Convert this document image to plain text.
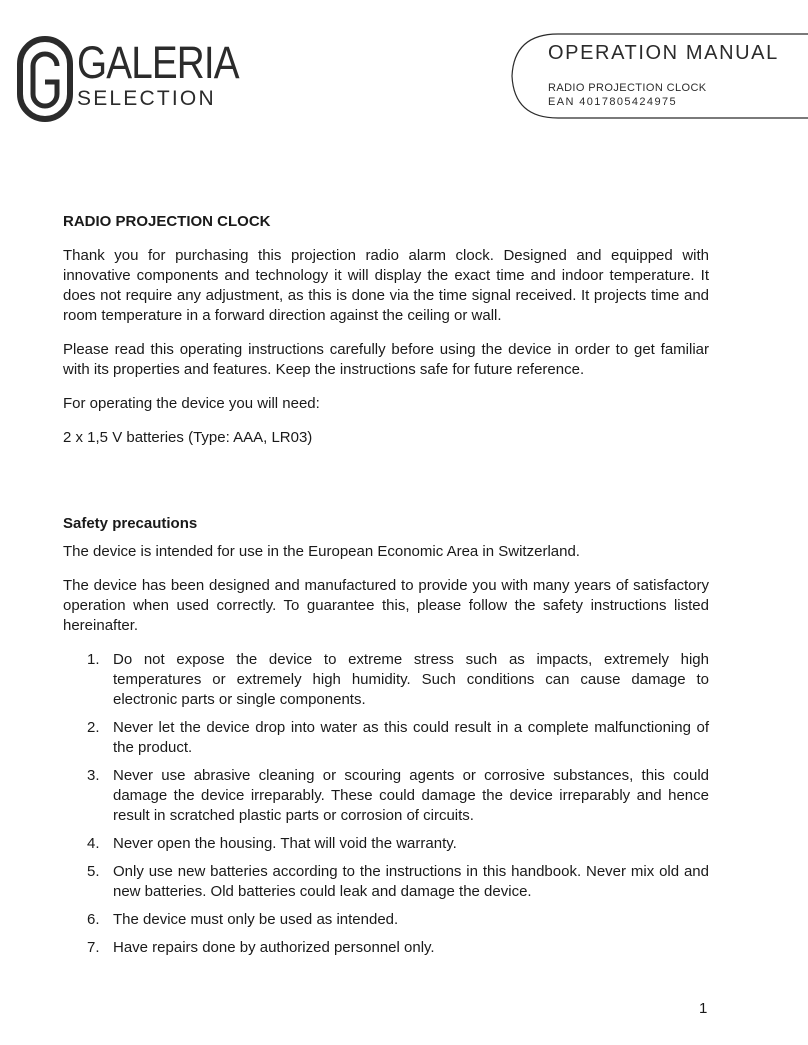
GALERIA
SELECTION
OPERATION MANUAL
RADIO PROJECTION CLOCK
EAN 4017805424975

RADIO PROJECTION CLOCK

Thank you for purchasing this projection radio alarm clock. Designed and equipped with innovative components and technology it will display the exact time and indoor temperature. It does not require any adjustment, as this is done via the time signal received. It projects time and room temperature in a forward direction against the ceiling or wall.

Please read this operating instructions carefully before using the device in order to get familiar with its properties and features. Keep the instructions safe for future reference.

For operating the device you will need:

2 x 1,5 V batteries (Type: AAA, LR03)

Safety precautions

The device is intended for use in the European Economic Area in Switzerland.

The device has been designed and manufactured to provide you with many years of satisfactory operation when used correctly. To guarantee this, please follow the safety instructions listed hereinafter.

1. Do not expose the device to extreme stress such as impacts, extremely high temperatures or extremely high humidity. Such conditions can cause damage to electronic parts or single components.
2. Never let the device drop into water as this could result in a complete malfunctioning of the product.
3. Never use abrasive cleaning or scouring agents or corrosive substances, this could damage the device irreparably. These could damage the device irreparably and hence result in scratched plastic parts or corrosion of circuits.
4. Never open the housing. That will void the warranty.
5. Only use new batteries according to the instructions in this handbook. Never mix old and new batteries. Old batteries could leak and damage the device.
6. The device must only be used as intended.
7. Have repairs done by authorized personnel only.
1
